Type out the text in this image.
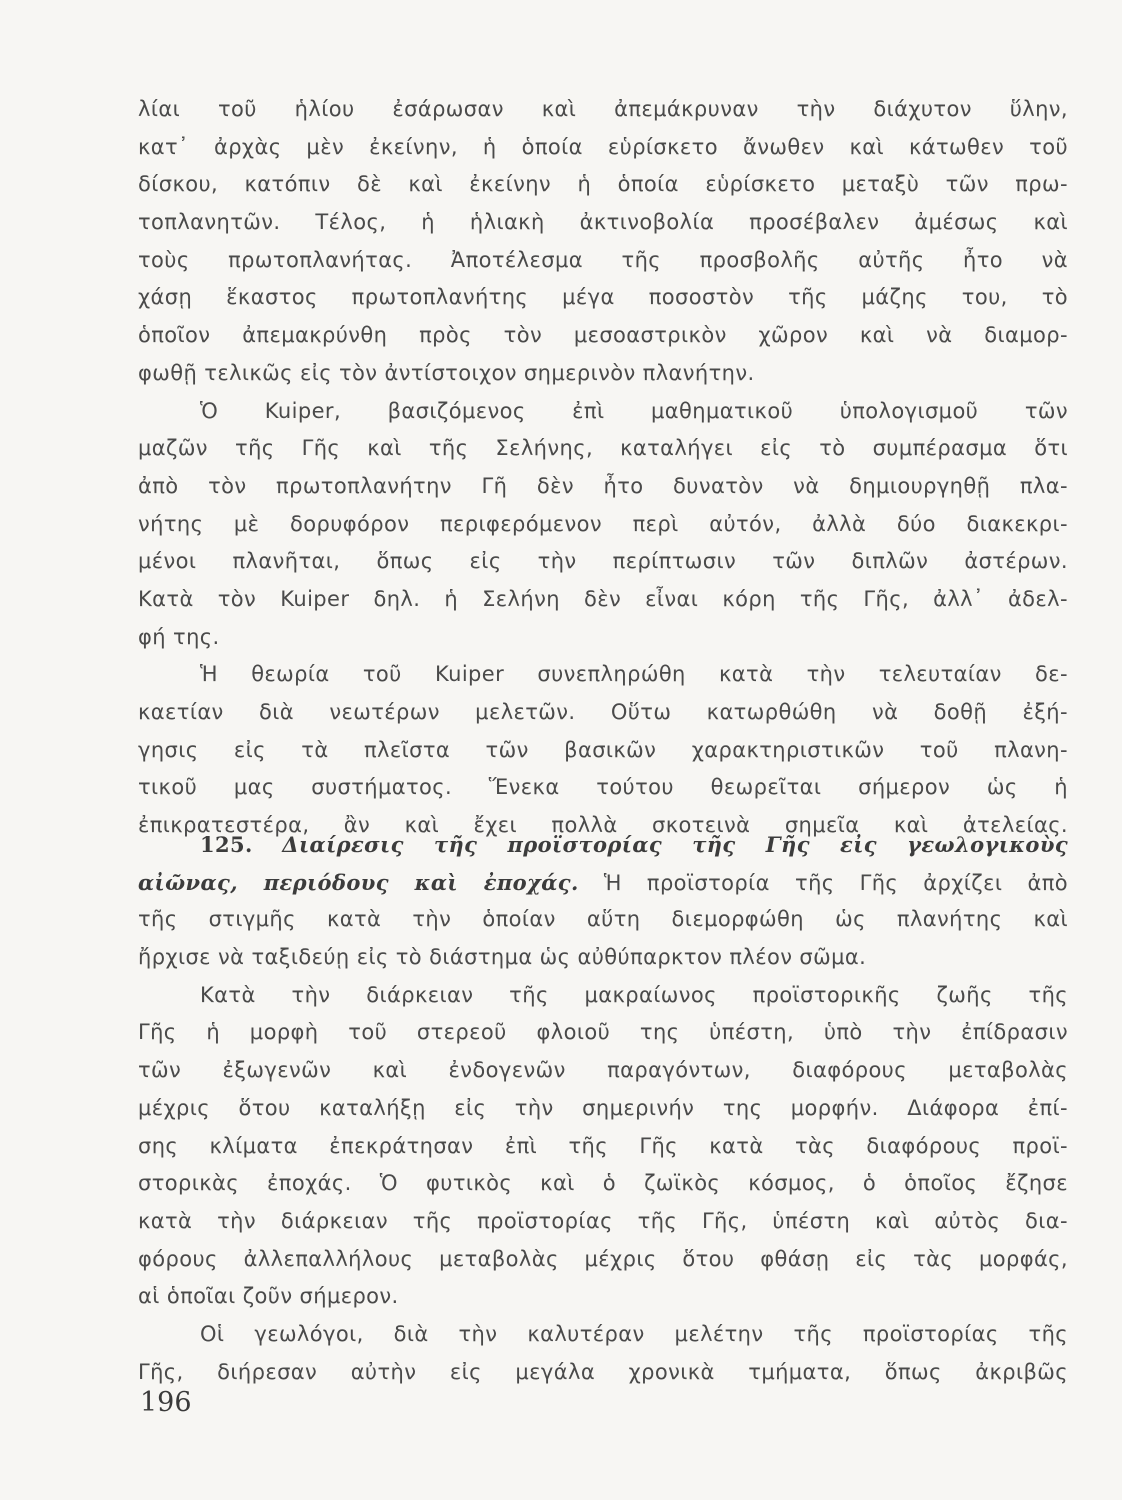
λίαι τοῦ ἡλίου ἐσάρωσαν καὶ ἀπεμάκρυναν τὴν διάχυτον ὕλην,
κατ᾽ ἀρχὰς μὲν ἐκείνην, ἡ ὁποία εὑρίσκετο ἄνωθεν καὶ κάτωθεν τοῦ
δίσκου, κατόπιν δὲ καὶ ἐκείνην ἡ ὁποία εὑρίσκετο μεταξὺ τῶν πρω-
τοπλανητῶν. Τέλος, ἡ ἡλιακὴ ἀκτινοβολία προσέβαλεν ἀμέσως καὶ
τοὺς πρωτοπλανήτας. Ἀποτέλεσμα τῆς προσβολῆς αὐτῆς ἦτο νὰ
χάσῃ ἕκαστος πρωτοπλανήτης μέγα ποσοστὸν τῆς μάζης του, τὸ
ὁποῖον ἀπεμακρύνθη πρὸς τὸν μεσοαστρικὸν χῶρον καὶ νὰ διαμορ-
φωθῇ τελικῶς εἰς τὸν ἀντίστοιχον σημερινὸν πλανήτην.
Ὁ Kuiper, βασιζόμενος ἐπὶ μαθηματικοῦ ὑπολογισμοῦ τῶν
μαζῶν τῆς Γῆς καὶ τῆς Σελήνης, καταλήγει εἰς τὸ συμπέρασμα ὅτι
ἀπὸ τὸν πρωτοπλανήτην Γῆ δὲν ἦτο δυνατὸν νὰ δημιουργηθῇ πλα-
νήτης μὲ δορυφόρον περιφερόμενον περὶ αὐτόν, ἀλλὰ δύο διακεκρι-
μένοι πλανῆται, ὅπως εἰς τὴν περίπτωσιν τῶν διπλῶν ἀστέρων.
Κατὰ τὸν Kuiper δηλ. ἡ Σελήνη δὲν εἶναι κόρη τῆς Γῆς, ἀλλ᾽ ἀδελ-
φή της.
Ἡ θεωρία τοῦ Kuiper συνεπληρώθη κατὰ τὴν τελευταίαν δε-
καετίαν διὰ νεωτέρων μελετῶν. Οὕτω κατωρθώθη νὰ δοθῇ ἐξή-
γησις εἰς τὰ πλεῖστα τῶν βασικῶν χαρακτηριστικῶν τοῦ πλανη-
τικοῦ μας συστήματος. Ἕνεκα τούτου θεωρεῖται σήμερον ὡς ἡ
ἐπικρατεστέρα, ἂν καὶ ἔχει πολλὰ σκοτεινὰ σημεῖα καὶ ἀτελείας.
125. Διαίρεσις τῆς προϊστορίας τῆς Γῆς εἰς γεωλογικοὺς
αἰῶνας, περιόδους καὶ ἐποχάς. Ἡ προϊστορία τῆς Γῆς ἀρχίζει ἀπὸ
τῆς στιγμῆς κατὰ τὴν ὁποίαν αὕτη διεμορφώθη ὡς πλανήτης καὶ
ἤρχισε νὰ ταξιδεύῃ εἰς τὸ διάστημα ὡς αὐθύπαρκτον πλέον σῶμα.
Κατὰ τὴν διάρκειαν τῆς μακραίωνος προϊστορικῆς ζωῆς τῆς
Γῆς ἡ μορφὴ τοῦ στερεοῦ φλοιοῦ της ὑπέστη, ὑπὸ τὴν ἐπίδρασιν
τῶν ἐξωγενῶν καὶ ἐνδογενῶν παραγόντων, διαφόρους μεταβολὰς
μέχρις ὅτου καταλήξῃ εἰς τὴν σημερινήν της μορφήν. Διάφορα ἐπί-
σης κλίματα ἐπεκράτησαν ἐπὶ τῆς Γῆς κατὰ τὰς διαφόρους προϊ-
στορικὰς ἐποχάς. Ὁ φυτικὸς καὶ ὁ ζωϊκὸς κόσμος, ὁ ὁποῖος ἔζησε
κατὰ τὴν διάρκειαν τῆς προϊστορίας τῆς Γῆς, ὑπέστη καὶ αὐτὸς δια-
φόρους ἀλλεπαλλήλους μεταβολὰς μέχρις ὅτου φθάσῃ εἰς τὰς μορφάς,
αἱ ὁποῖαι ζοῦν σήμερον.
Οἱ γεωλόγοι, διὰ τὴν καλυτέραν μελέτην τῆς προϊστορίας τῆς
Γῆς, διήρεσαν αὐτὴν εἰς μεγάλα χρονικὰ τμήματα, ὅπως ἀκριβῶς
196
